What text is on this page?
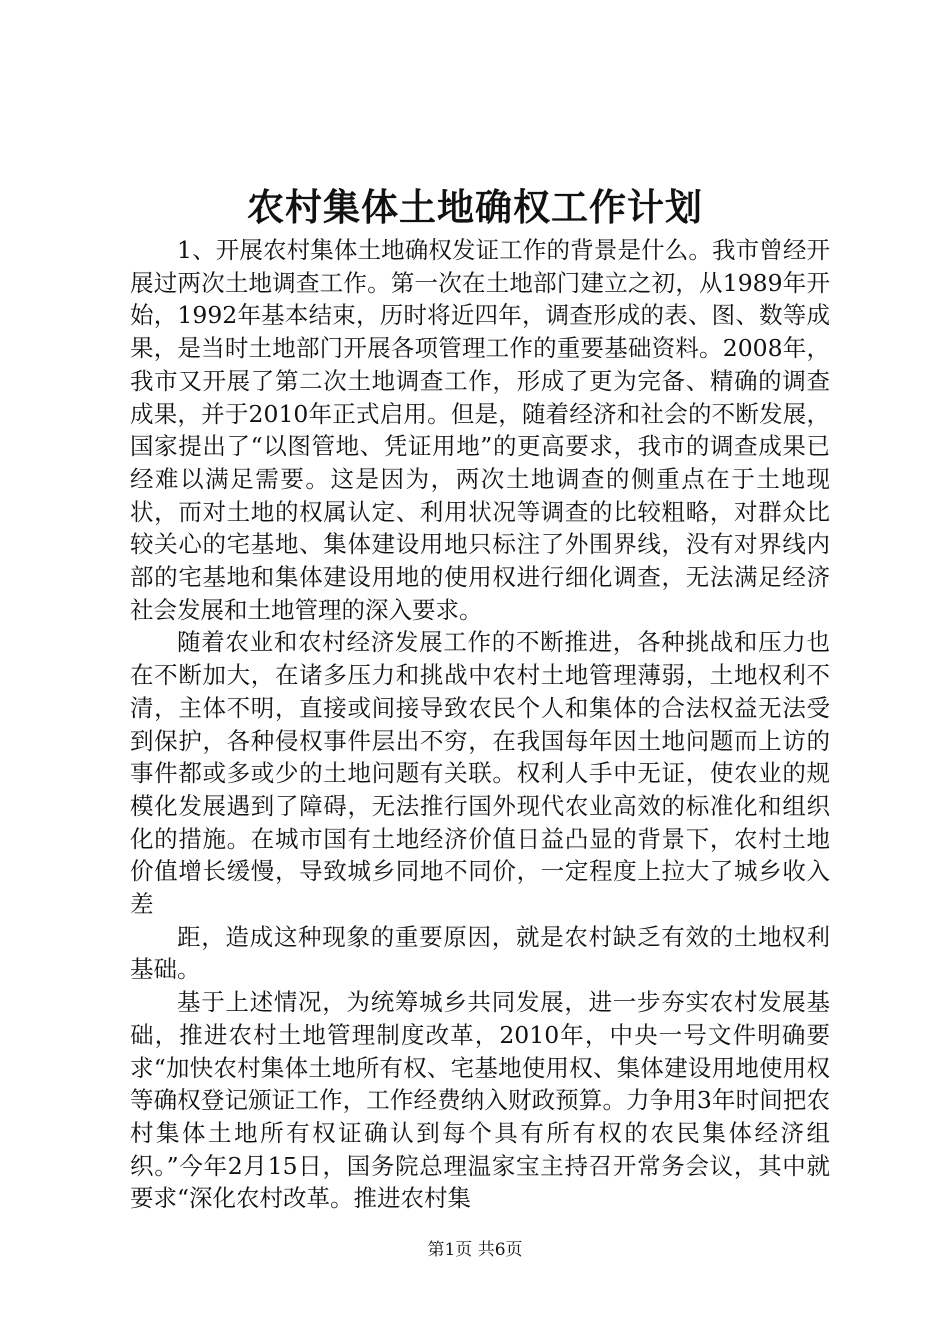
农村集体土地确权工作计划

1、开展农村集体土地确权发证工作的背景是什么。我市曾经开展过两次土地调查工作。第一次在土地部门建立之初，从1989年开始，1992年基本结束，历时将近四年，调查形成的表、图、数等成果，是当时土地部门开展各项管理工作的重要基础资料。2008年，我市又开展了第二次土地调查工作，形成了更为完备、精确的调查成果，并于2010年正式启用。但是，随着经济和社会的不断发展，国家提出了“以图管地、凭证用地”的更高要求，我市的调查成果已经难以满足需要。这是因为，两次土地调查的侧重点在于土地现状，而对土地的权属认定、利用状况等调查的比较粗略，对群众比较关心的宅基地、集体建设用地只标注了外围界线，没有对界线内部的宅基地和集体建设用地的使用权进行细化调查，无法满足经济社会发展和土地管理的深入要求。

随着农业和农村经济发展工作的不断推进，各种挑战和压力也在不断加大，在诸多压力和挑战中农村土地管理薄弱，土地权利不清，主体不明，直接或间接导致农民个人和集体的合法权益无法受到保护，各种侵权事件层出不穷，在我国每年因土地问题而上访的事件都或多或少的土地问题有关联。权利人手中无证，使农业的规模化发展遇到了障碍，无法推行国外现代农业高效的标准化和组织化的措施。在城市国有土地经济价值日益凸显的背景下，农村土地价值增长缓慢，导致城乡同地不同价，一定程度上拉大了城乡收入差

距，造成这种现象的重要原因，就是农村缺乏有效的土地权利基础。

基于上述情况，为统筹城乡共同发展，进一步夯实农村发展基础，推进农村土地管理制度改革，2010年，中央一号文件明确要求“加快农村集体土地所有权、宅基地使用权、集体建设用地使用权等确权登记颁证工作，工作经费纳入财政预算。力争用3年时间把农村集体土地所有权证确认到每个具有所有权的农民集体经济组织。”今年2月15日，国务院总理温家宝主持召开常务会议，其中就要求“深化农村改革。推进农村集

第1页 共6页
